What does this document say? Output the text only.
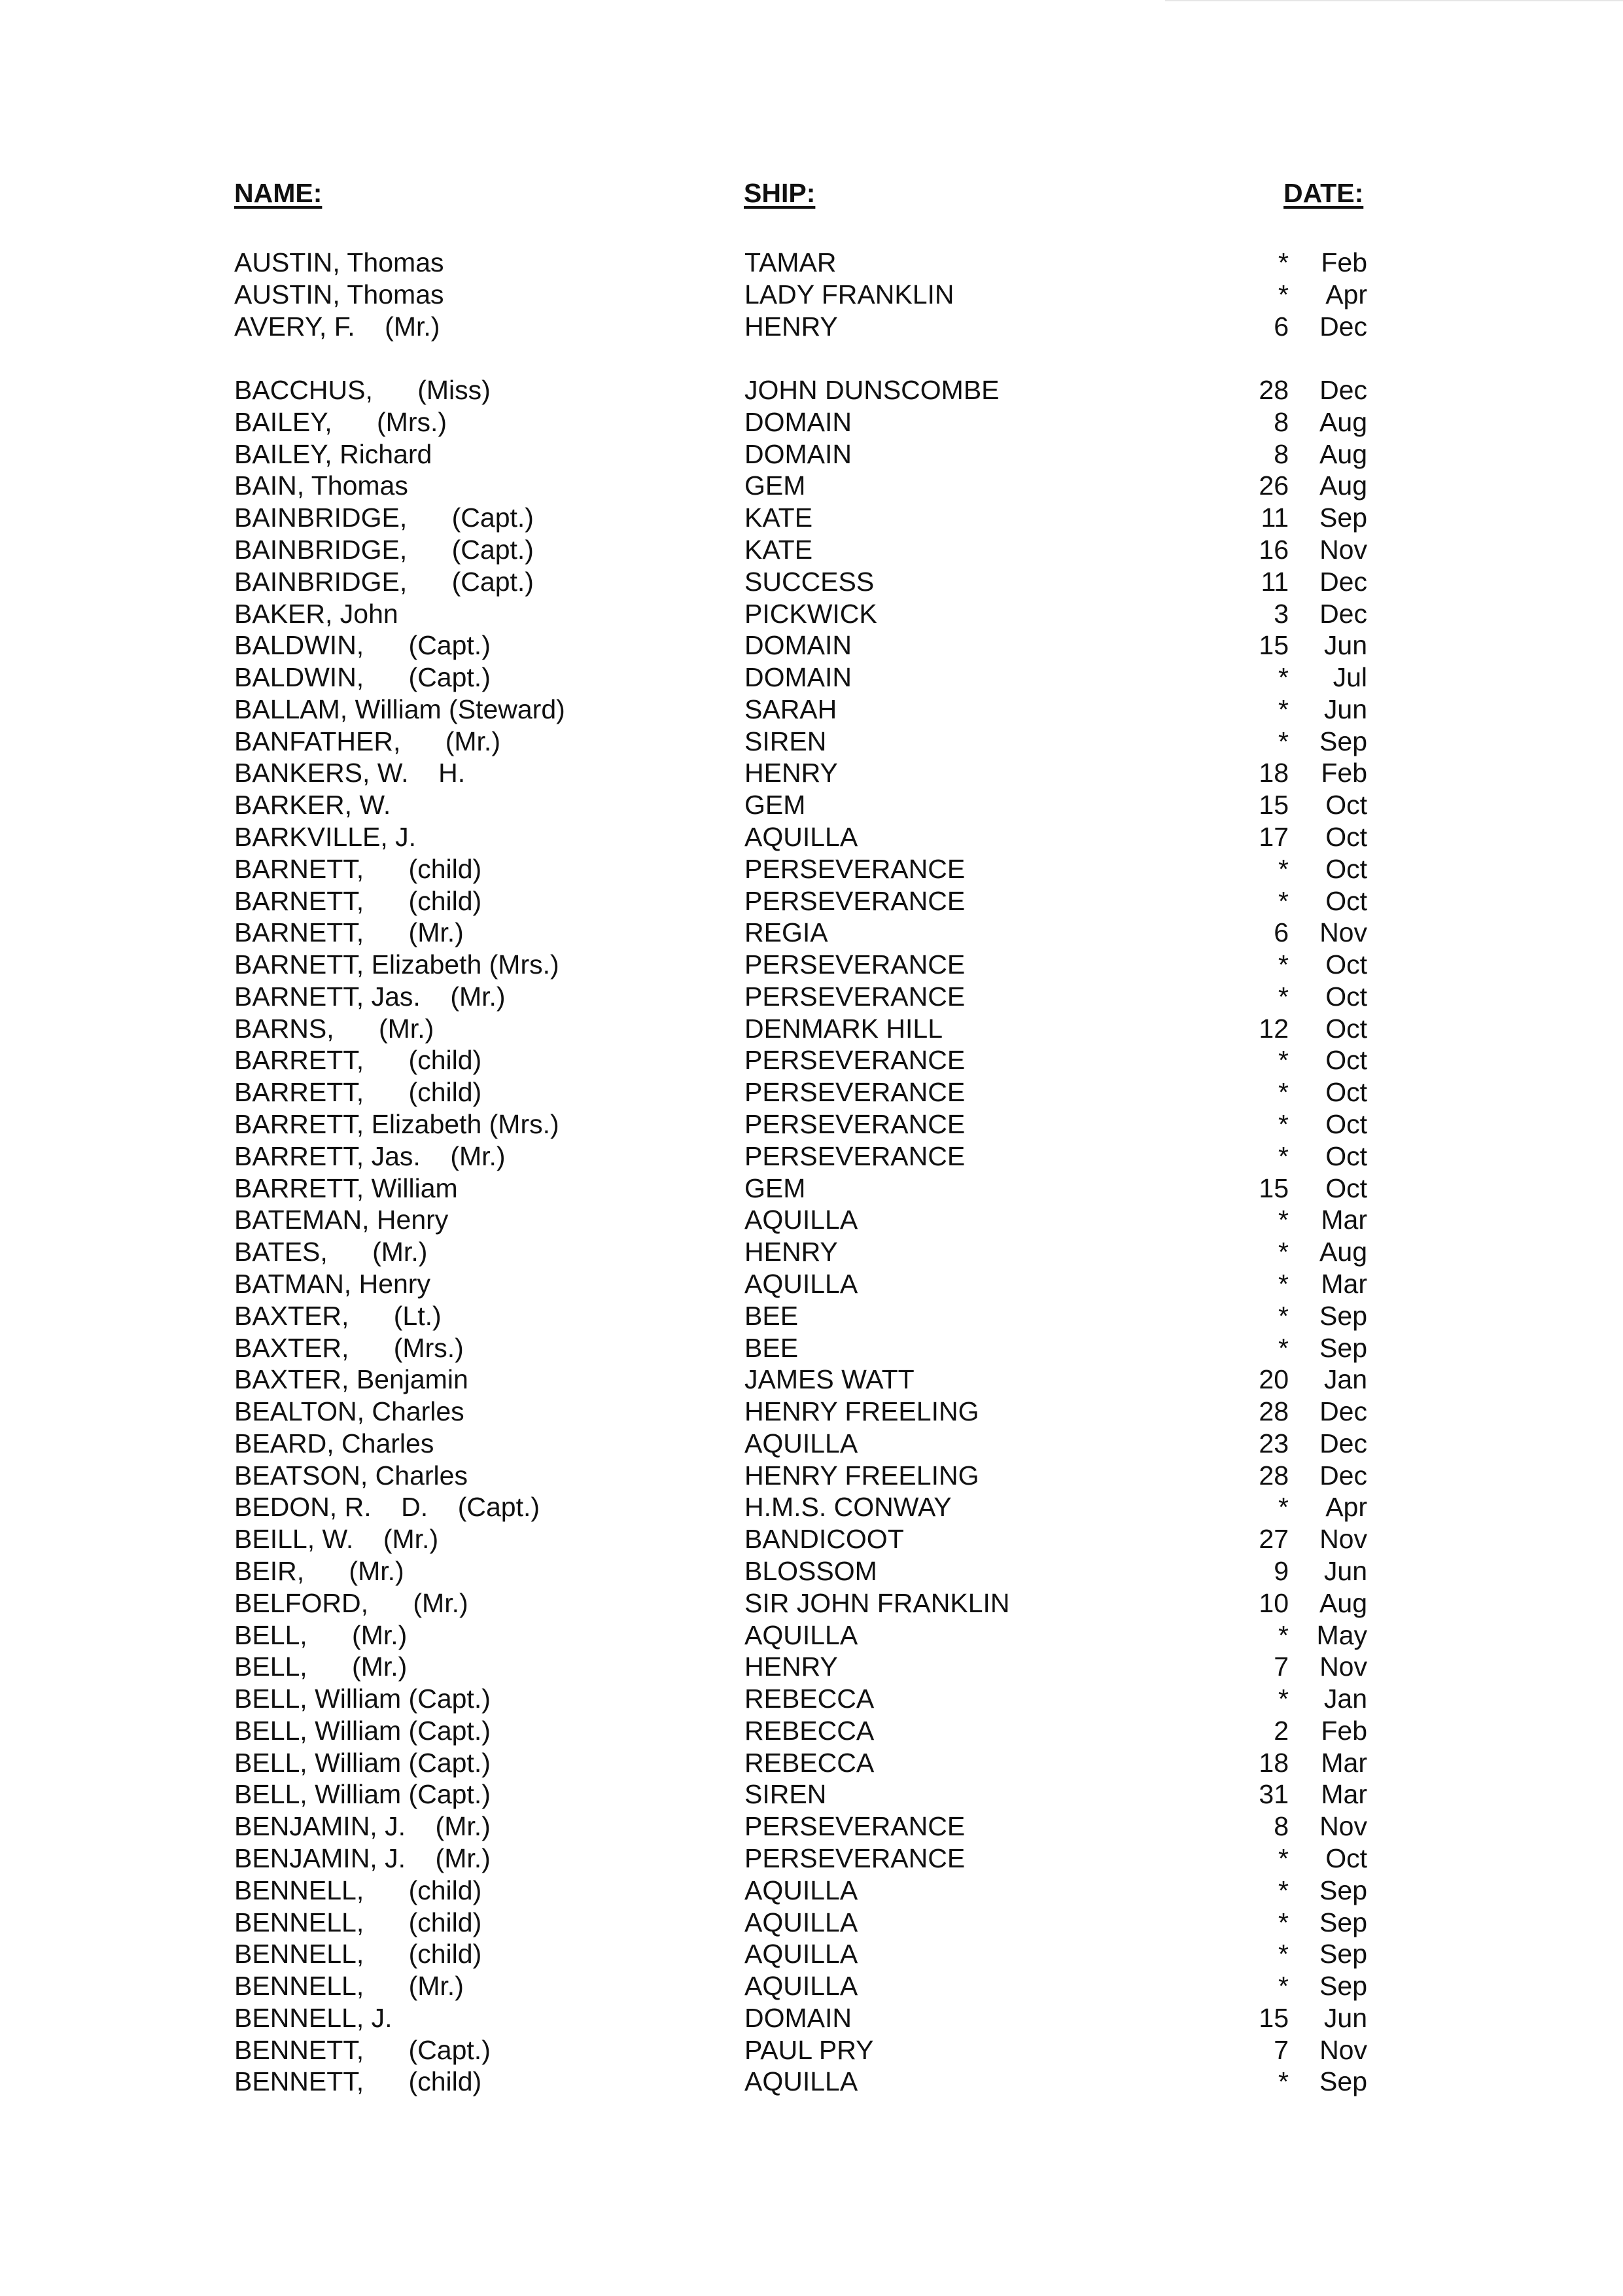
NAME:	SHIP:	DATE:
AUSTIN, Thomas	TAMAR	*	Feb
AUSTIN, Thomas	LADY FRANKLIN	*	Apr
AVERY, F.    (Mr.)	HENRY	6	Dec
BACCHUS,      (Miss)	JOHN DUNSCOMBE	28	Dec
BAILEY,      (Mrs.)	DOMAIN	8	Aug
BAILEY, Richard	DOMAIN	8	Aug
BAIN, Thomas	GEM	26	Aug
BAINBRIDGE,      (Capt.)	KATE	11	Sep
BAINBRIDGE,      (Capt.)	KATE	16	Nov
BAINBRIDGE,      (Capt.)	SUCCESS	11	Dec
BAKER, John	PICKWICK	3	Dec
BALDWIN,      (Capt.)	DOMAIN	15	Jun
BALDWIN,      (Capt.)	DOMAIN	*	Jul
BALLAM, William (Steward)	SARAH	*	Jun
BANFATHER,      (Mr.)	SIREN	*	Sep
BANKERS, W.    H.	HENRY	18	Feb
BARKER, W.	GEM	15	Oct
BARKVILLE, J.	AQUILLA	17	Oct
BARNETT,      (child)	PERSEVERANCE	*	Oct
BARNETT,      (child)	PERSEVERANCE	*	Oct
BARNETT,      (Mr.)	REGIA	6	Nov
BARNETT, Elizabeth (Mrs.)	PERSEVERANCE	*	Oct
BARNETT, Jas.    (Mr.)	PERSEVERANCE	*	Oct
BARNS,      (Mr.)	DENMARK HILL	12	Oct
BARRETT,      (child)	PERSEVERANCE	*	Oct
BARRETT,      (child)	PERSEVERANCE	*	Oct
BARRETT, Elizabeth (Mrs.)	PERSEVERANCE	*	Oct
BARRETT, Jas.    (Mr.)	PERSEVERANCE	*	Oct
BARRETT, William	GEM	15	Oct
BATEMAN, Henry	AQUILLA	*	Mar
BATES,      (Mr.)	HENRY	*	Aug
BATMAN, Henry	AQUILLA	*	Mar
BAXTER,      (Lt.)	BEE	*	Sep
BAXTER,      (Mrs.)	BEE	*	Sep
BAXTER, Benjamin	JAMES WATT	20	Jan
BEALTON, Charles	HENRY FREELING	28	Dec
BEARD, Charles	AQUILLA	23	Dec
BEATSON, Charles	HENRY FREELING	28	Dec
BEDON, R.    D.    (Capt.)	H.M.S. CONWAY	*	Apr
BEILL, W.    (Mr.)	BANDICOOT	27	Nov
BEIR,      (Mr.)	BLOSSOM	9	Jun
BELFORD,      (Mr.)	SIR JOHN FRANKLIN	10	Aug
BELL,      (Mr.)	AQUILLA	*	May
BELL,      (Mr.)	HENRY	7	Nov
BELL, William (Capt.)	REBECCA	*	Jan
BELL, William (Capt.)	REBECCA	2	Feb
BELL, William (Capt.)	REBECCA	18	Mar
BELL, William (Capt.)	SIREN	31	Mar
BENJAMIN, J.    (Mr.)	PERSEVERANCE	8	Nov
BENJAMIN, J.    (Mr.)	PERSEVERANCE	*	Oct
BENNELL,      (child)	AQUILLA	*	Sep
BENNELL,      (child)	AQUILLA	*	Sep
BENNELL,      (child)	AQUILLA	*	Sep
BENNELL,      (Mr.)	AQUILLA	*	Sep
BENNELL, J.	DOMAIN	15	Jun
BENNETT,      (Capt.)	PAUL PRY	7	Nov
BENNETT,      (child)	AQUILLA	*	Sep
